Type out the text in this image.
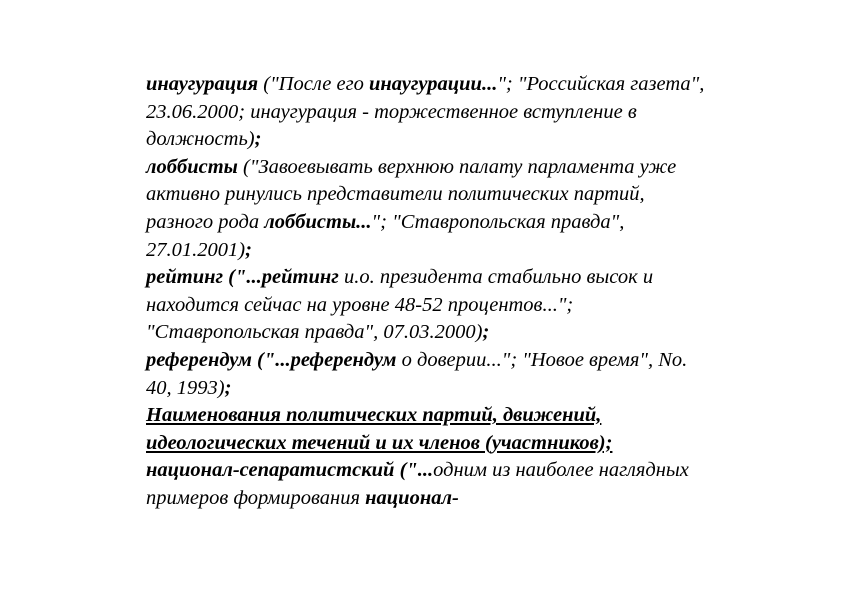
инаугурация ("После его инаугурации..."; "Российская газета", 23.06.2000; инаугурация - торжественное вступление в должность);
лоббисты ("Завоевывать верхнюю палату парламента уже активно ринулись представители политических партий, разного рода лоббисты..."; "Ставропольская правда", 27.01.2001);
рейтинг ("...рейтинг и.о. президента стабильно высок и находится сейчас на уровне 48-52 процентов..."; "Ставропольская правда", 07.03.2000);
референдум ("...референдум о доверии..."; "Новое время", No. 40, 1993);
Наименования политических партий, движений, идеологических течений и их членов (участников);
национал-сепаратистский ("...одним из наиболее наглядных примеров формирования национал-
